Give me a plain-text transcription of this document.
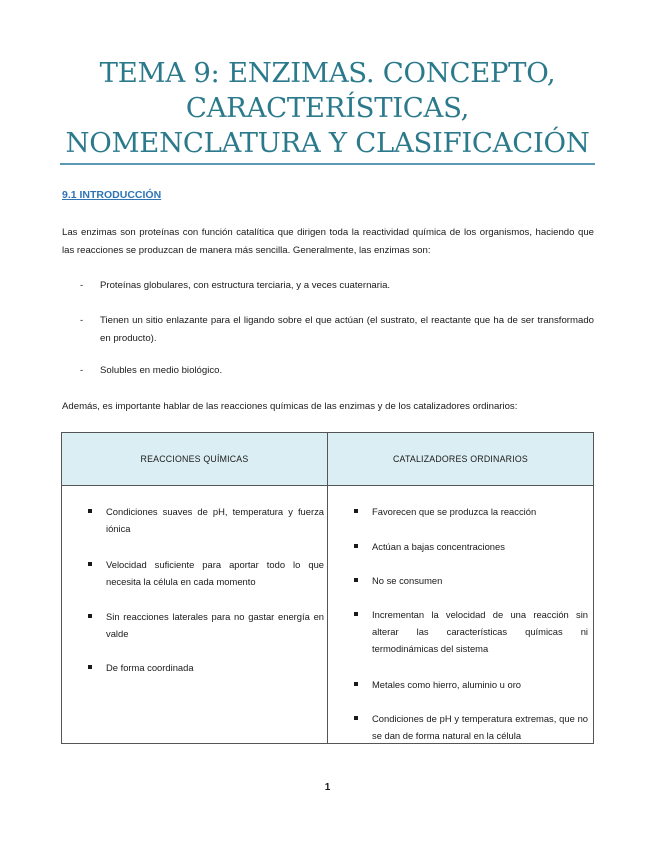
TEMA 9: ENZIMAS. CONCEPTO, CARACTERÍSTICAS, NOMENCLATURA Y CLASIFICACIÓN
9.1 INTRODUCCIÓN

Las enzimas son proteínas con función catalítica que dirigen toda la reactividad química de los organismos, haciendo que las reacciones se produzcan de manera más sencilla. Generalmente, las enzimas son:

- Proteínas globulares, con estructura terciaria, y a veces cuaternaria.
- Tienen un sitio enlazante para el ligando sobre el que actúan (el sustrato, el reactante que ha de ser transformado en producto).
- Solubles en medio biológico.

Además, es importante hablar de las reacciones químicas de las enzimas y de los catalizadores ordinarios:

REACCIONES QUÍMICAS	CATALIZADORES ORDINARIOS
Condiciones suaves de pH, temperatura y fuerza iónica
Velocidad suficiente para aportar todo lo que necesita la célula en cada momento
Sin reacciones laterales para no gastar energía en valde
De forma coordinada
Favorecen que se produzca la reacción
Actúan a bajas concentraciones
No se consumen
Incrementan la velocidad de una reacción sin alterar las características químicas ni termodinámicas del sistema
Metales como hierro, aluminio u oro
Condiciones de pH y temperatura extremas, que no se dan de forma natural en la célula
1
